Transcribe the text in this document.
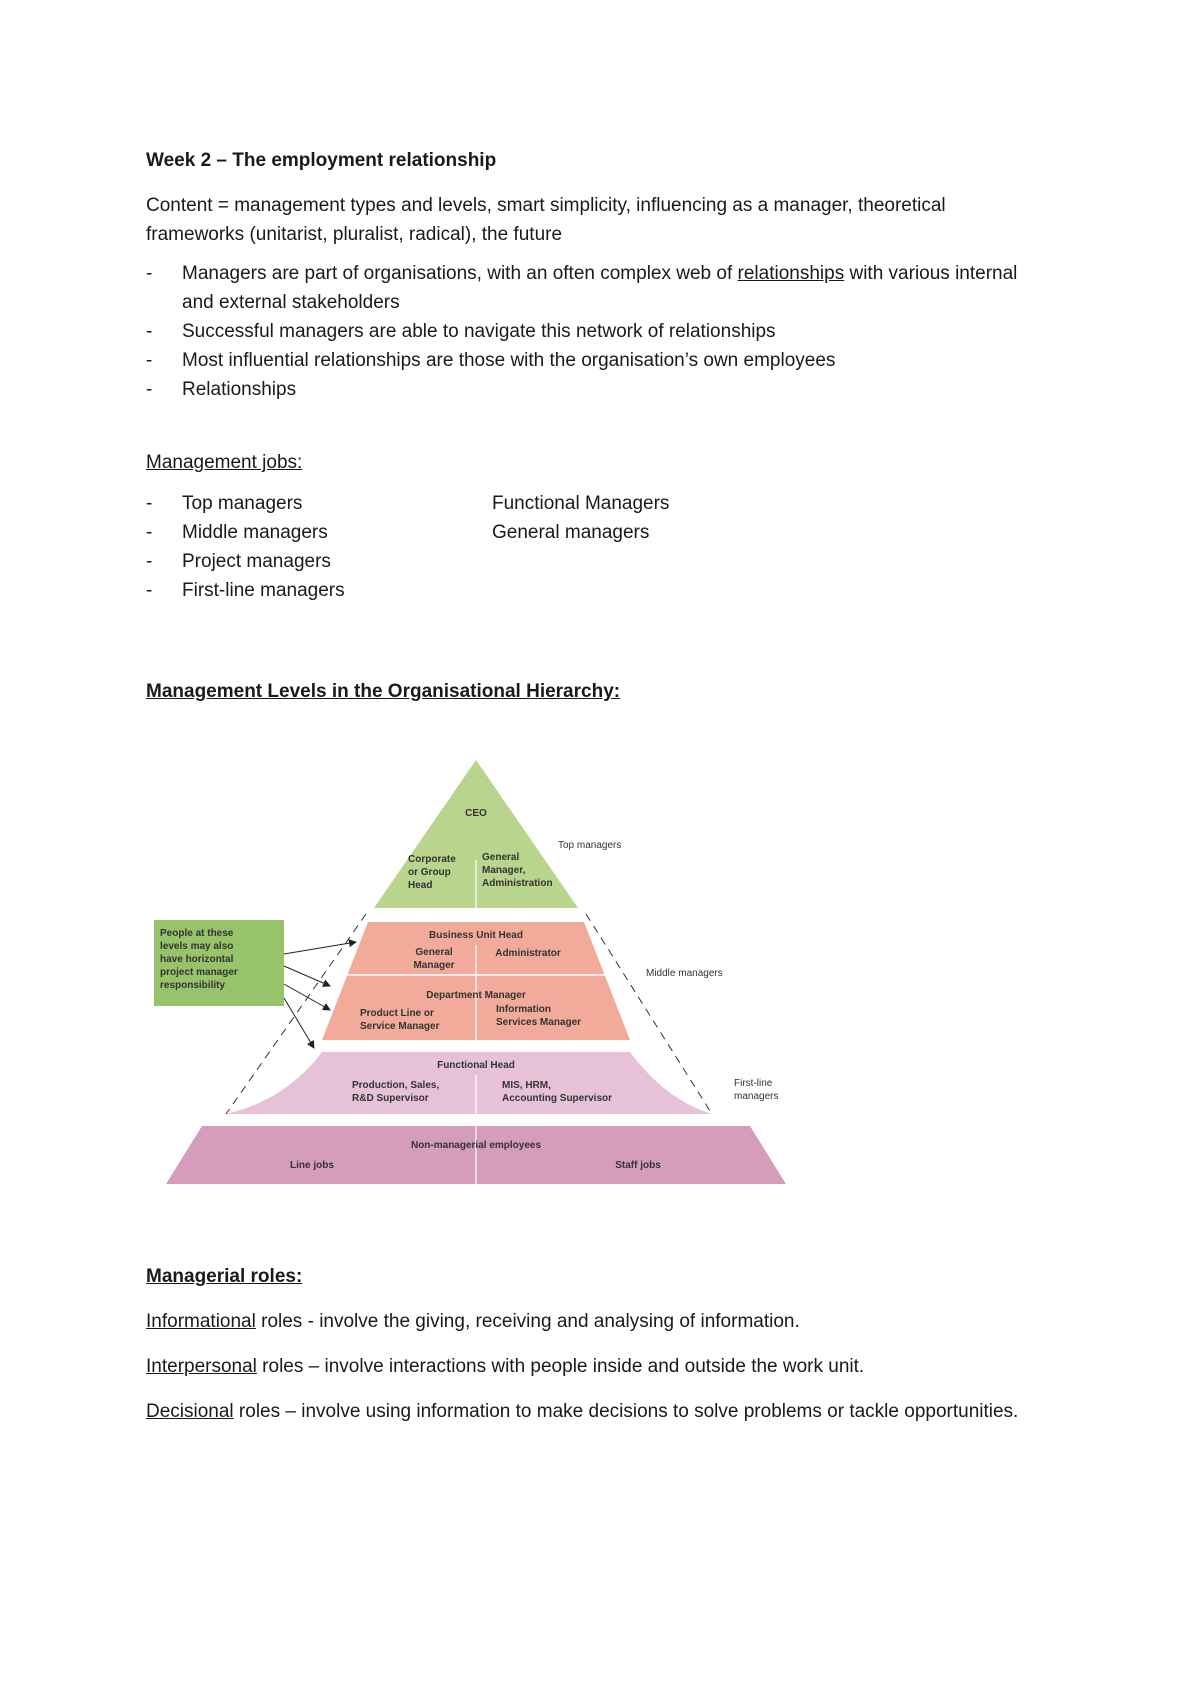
Week 2 – The employment relationship

Content = management types and levels, smart simplicity, influencing as a manager, theoretical frameworks (unitarist, pluralist, radical), the future

- Managers are part of organisations, with an often complex web of relationships with various internal and external stakeholders
- Successful managers are able to navigate this network of relationships
- Most influential relationships are those with the organisation’s own employees
- Relationships

Management jobs:

- Top managers
- Middle managers
- Project managers
- First-line managers
Functional Managers
General managers

Management Levels in the Organisational Hierarchy:

CEO
Corporate
or Group
Head
General
Manager,
Administration
Business Unit Head
General
Manager
Administrator
Department Manager
Product Line or
Service Manager
Information
Services Manager
Functional Head
Production, Sales,
R&D Supervisor
MIS, HRM,
Accounting Supervisor
Non-managerial employees
Line jobs	Staff jobs
People at these
levels may also
have horizontal
project manager
responsibility
Top managers
Middle managers
First-line
managers

Managerial roles:

Informational roles - involve the giving, receiving and analysing of information.

Interpersonal roles – involve interactions with people inside and outside the work unit.

Decisional roles – involve using information to make decisions to solve problems or tackle opportunities.
